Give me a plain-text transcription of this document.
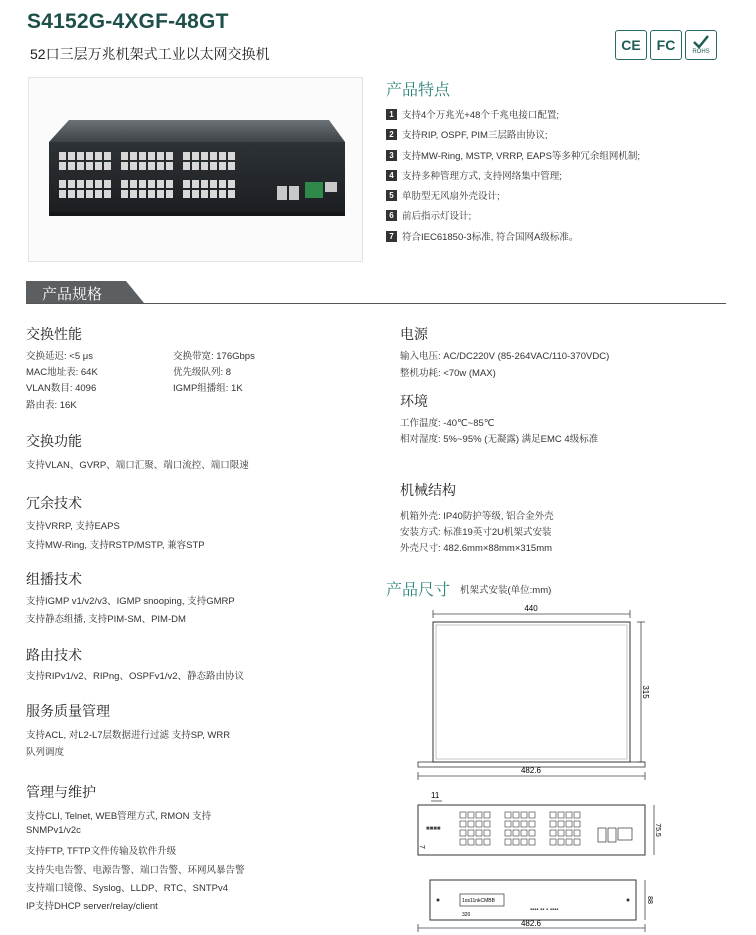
S4152G-4XGF-48GT
52口三层万兆机架式工业以太网交换机
CE FC	ROHS
产品特点
1 支持4个万兆光+48个千兆电接口配置;
2 支持RIP, OSPF, PIM三层路由协议;
3 支持MW-Ring, MSTP, VRRP, EAPS等多种冗余组网机制;
4 支持多种管理方式, 支持网络集中管理;
5 单肋型无风扇外壳设计;
6 前后指示灯设计;
7 符合IEC61850-3标准, 符合国网A级标准。
产品规格
交换性能
交换延迟: <5 μs	交换带宽: 176Gbps
MAC地址表: 64K	优先级队列: 8
VLAN数目: 4096	IGMP组播组: 1K
路由表: 16K
交换功能
支持VLAN、GVRP、端口汇聚、端口流控、端口限速
冗余技术
支持VRRP, 支持EAPS
支持MW-Ring, 支持RSTP/MSTP, 兼容STP
组播技术
支持IGMP v1/v2/v3、IGMP snooping, 支持GMRP
支持静态组播, 支持PIM-SM、PIM-DM
路由技术
支持RIPv1/v2、RIPng、OSPFv1/v2、静态路由协议
服务质量管理
支持ACL, 对L2-L7层数据进行过滤 支持SP, WRR
队列调度
管理与维护
支持CLI, Telnet, WEB管理方式, RMON 支持
SNMPv1/v2c
支持FTP, TFTP文件传输及软件升级
支持失电告警、电源告警、端口告警、环网风暴告警
支持端口镜像、Syslog、LLDP、RTC、SNTPv4
IP支持DHCP server/relay/client
电源
输入电压: AC/DC220V (85-264VAC/110-370VDC)
整机功耗: <70w (MAX)
环境
工作温度: -40℃~85℃
相对湿度: 5%~95% (无凝露) 满足EMC 4级标准
机械结构
机箱外壳: IP40防护等级, 铝合金外壳
安装方式: 标准19英寸2U机架式安装
外壳尺寸: 482.6mm×88mm×315mm
产品尺寸 机架式安装(单位:mm)
440
315
482.6
11
■■■■	75.5
7
1os11nkCMBB
320
▪▪▪▪ ▪▪ ▪ ▪▪▪▪
88
482.6
